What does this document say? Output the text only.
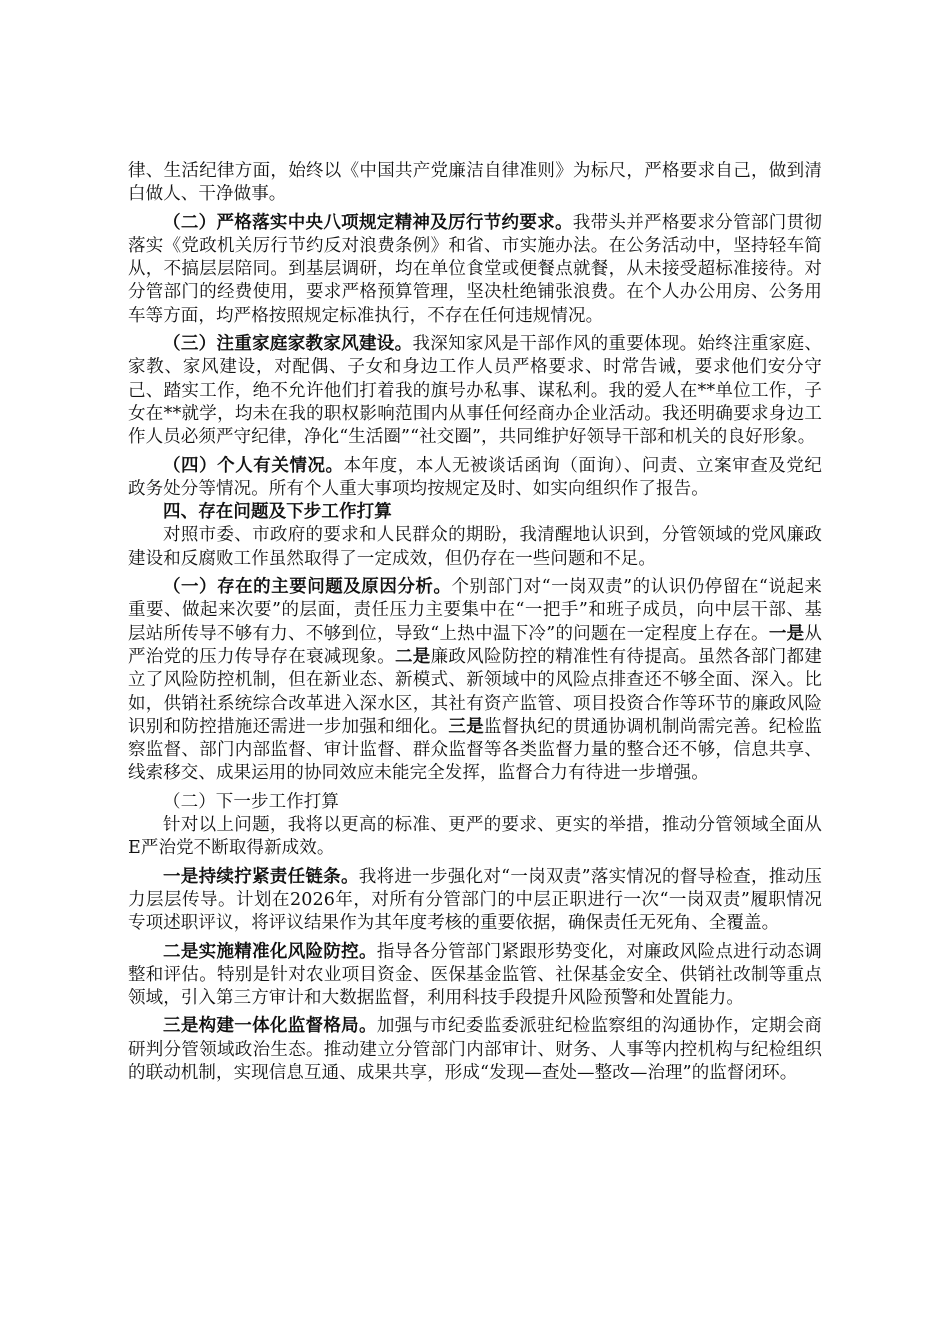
律、生活纪律方面，始终以《中国共产党廉洁自律准则》为标尺，严格要求自己，做到清白做人、干净做事。

（二）严格落实中央八项规定精神及厉行节约要求。我带头并严格要求分管部门贯彻落实《党政机关厉行节约反对浪费条例》和省、市实施办法。在公务活动中，坚持轻车简从，不搞层层陪同。到基层调研，均在单位食堂或便餐点就餐，从未接受超标准接待。对分管部门的经费使用，要求严格预算管理，坚决杜绝铺张浪费。在个人办公用房、公务用车等方面，均严格按照规定标准执行，不存在任何违规情况。

（三）注重家庭家教家风建设。我深知家风是干部作风的重要体现。始终注重家庭、家教、家风建设，对配偶、子女和身边工作人员严格要求、时常告诫，要求他们安分守己、踏实工作，绝不允许他们打着我的旗号办私事、谋私利。我的爱人在**单位工作，子女在**就学，均未在我的职权影响范围内从事任何经商办企业活动。我还明确要求身边工作人员必须严守纪律，净化“生活圈”“社交圈”，共同维护好领导干部和机关的良好形象。

（四）个人有关情况。本年度，本人无被谈话函询（面询）、问责、立案审查及党纪政务处分等情况。所有个人重大事项均按规定及时、如实向组织作了报告。

四、存在问题及下步工作打算

对照市委、市政府的要求和人民群众的期盼，我清醒地认识到，分管领域的党风廉政建设和反腐败工作虽然取得了一定成效，但仍存在一些问题和不足。

（一）存在的主要问题及原因分析。个别部门对“一岗双责”的认识仍停留在“说起来重要、做起来次要”的层面，责任压力主要集中在“一把手”和班子成员，向中层干部、基层站所传导不够有力、不够到位，导致“上热中温下冷”的问题在一定程度上存在。一是从严治党的压力传导存在衰减现象。二是廉政风险防控的精准性有待提高。虽然各部门都建立了风险防控机制，但在新业态、新模式、新领域中的风险点排查还不够全面、深入。比如，供销社系统综合改革进入深水区，其社有资产监管、项目投资合作等环节的廉政风险识别和防控措施还需进一步加强和细化。三是监督执纪的贯通协调机制尚需完善。纪检监察监督、部门内部监督、审计监督、群众监督等各类监督力量的整合还不够，信息共享、线索移交、成果运用的协同效应未能完全发挥，监督合力有待进一步增强。

（二）下一步工作打算

针对以上问题，我将以更高的标准、更严的要求、更实的举措，推动分管领域全面从E严治党不断取得新成效。

一是持续拧紧责任链条。我将进一步强化对“一岗双责”落实情况的督导检查，推动压力层层传导。计划在2026年，对所有分管部门的中层正职进行一次“一岗双责”履职情况专项述职评议，将评议结果作为其年度考核的重要依据，确保责任无死角、全覆盖。

二是实施精准化风险防控。指导各分管部门紧跟形势变化，对廉政风险点进行动态调整和评估。特别是针对农业项目资金、医保基金监管、社保基金安全、供销社改制等重点领域，引入第三方审计和大数据监督，利用科技手段提升风险预警和处置能力。

三是构建一体化监督格局。加强与市纪委监委派驻纪检监察组的沟通协作，定期会商研判分管领域政治生态。推动建立分管部门内部审计、财务、人事等内控机构与纪检组织的联动机制，实现信息互通、成果共享，形成“发现—查处—整改—治理”的监督闭环。
